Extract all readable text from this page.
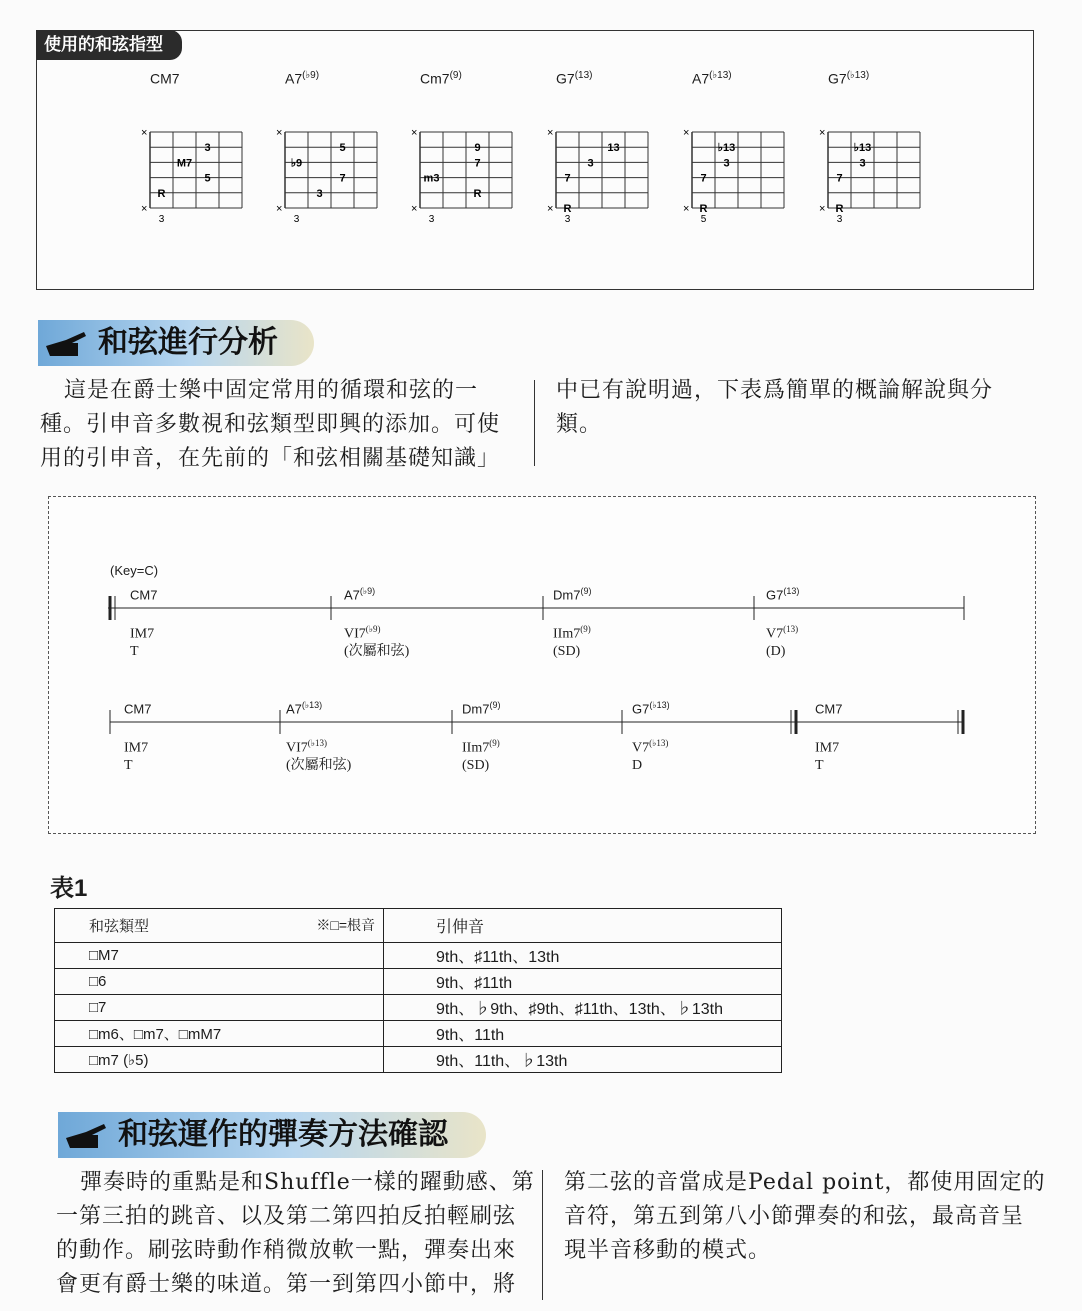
使用的和弦指型
CM7
×
×
3
M7
5
R
3
$A7^{(♭9)}$
×
×
5
♭9
7
3
3
$Cm7^{(9)}$
×
×
9
7
m3
R
3
$G7^{(13)}$
×
×
13
3
7
R
3
$A7^{(♭13)}$
×
×
♭13
3
7
R
5
$G7^{(♭13)}$
×
×
♭13
3
7
R
3
和弦進行分析
這是在爵士樂中固定常用的循環和弦的一
種。引申音多數視和弦類型即興的添加。可使
用的引申音，在先前的「和弦相關基礎知識」
中已有說明過，下表爲簡單的概論解說與分
類。
(Key=C)
CM7
IM7
T
$A7^{(♭9)}$
$VI7^{(♭9)}$
(次屬和弦)
Dm7$^{(9)}$
IIm7$^{(9)}$
(SD)
G7$^{(13)}$
V7$^{(13)}$
(D)
CM7
IM7
T
$A7^{(♭13)}$
$VI7^{(♭13)}$
(次屬和弦)
Dm7$^{(9)}$
IIm7$^{(9)}$
(SD)
$G7^{(♭13)}$
$V7^{(♭13)}$
D
CM7
IM7
T
表1
和弦類型 ※□=根音	引伸音
□M7	9th、♯11th、13th
□6	9th、♯11th
□7	9th、♭9th、♯9th、♯11th、13th、♭13th
□m6、□m7、□mM7	9th、11th
□m7 (♭5)	9th、11th、♭13th
和弦運作的彈奏方法確認
彈奏時的重點是和Shuffle一樣的躍動感、第
一第三拍的跳音、以及第二第四拍反拍輕刷弦
的動作。刷弦時動作稍微放軟一點，彈奏出來
會更有爵士樂的味道。第一到第四小節中，將
第二弦的音當成是Pedal point，都使用固定的
音符，第五到第八小節彈奏的和弦，最高音呈
現半音移動的模式。
